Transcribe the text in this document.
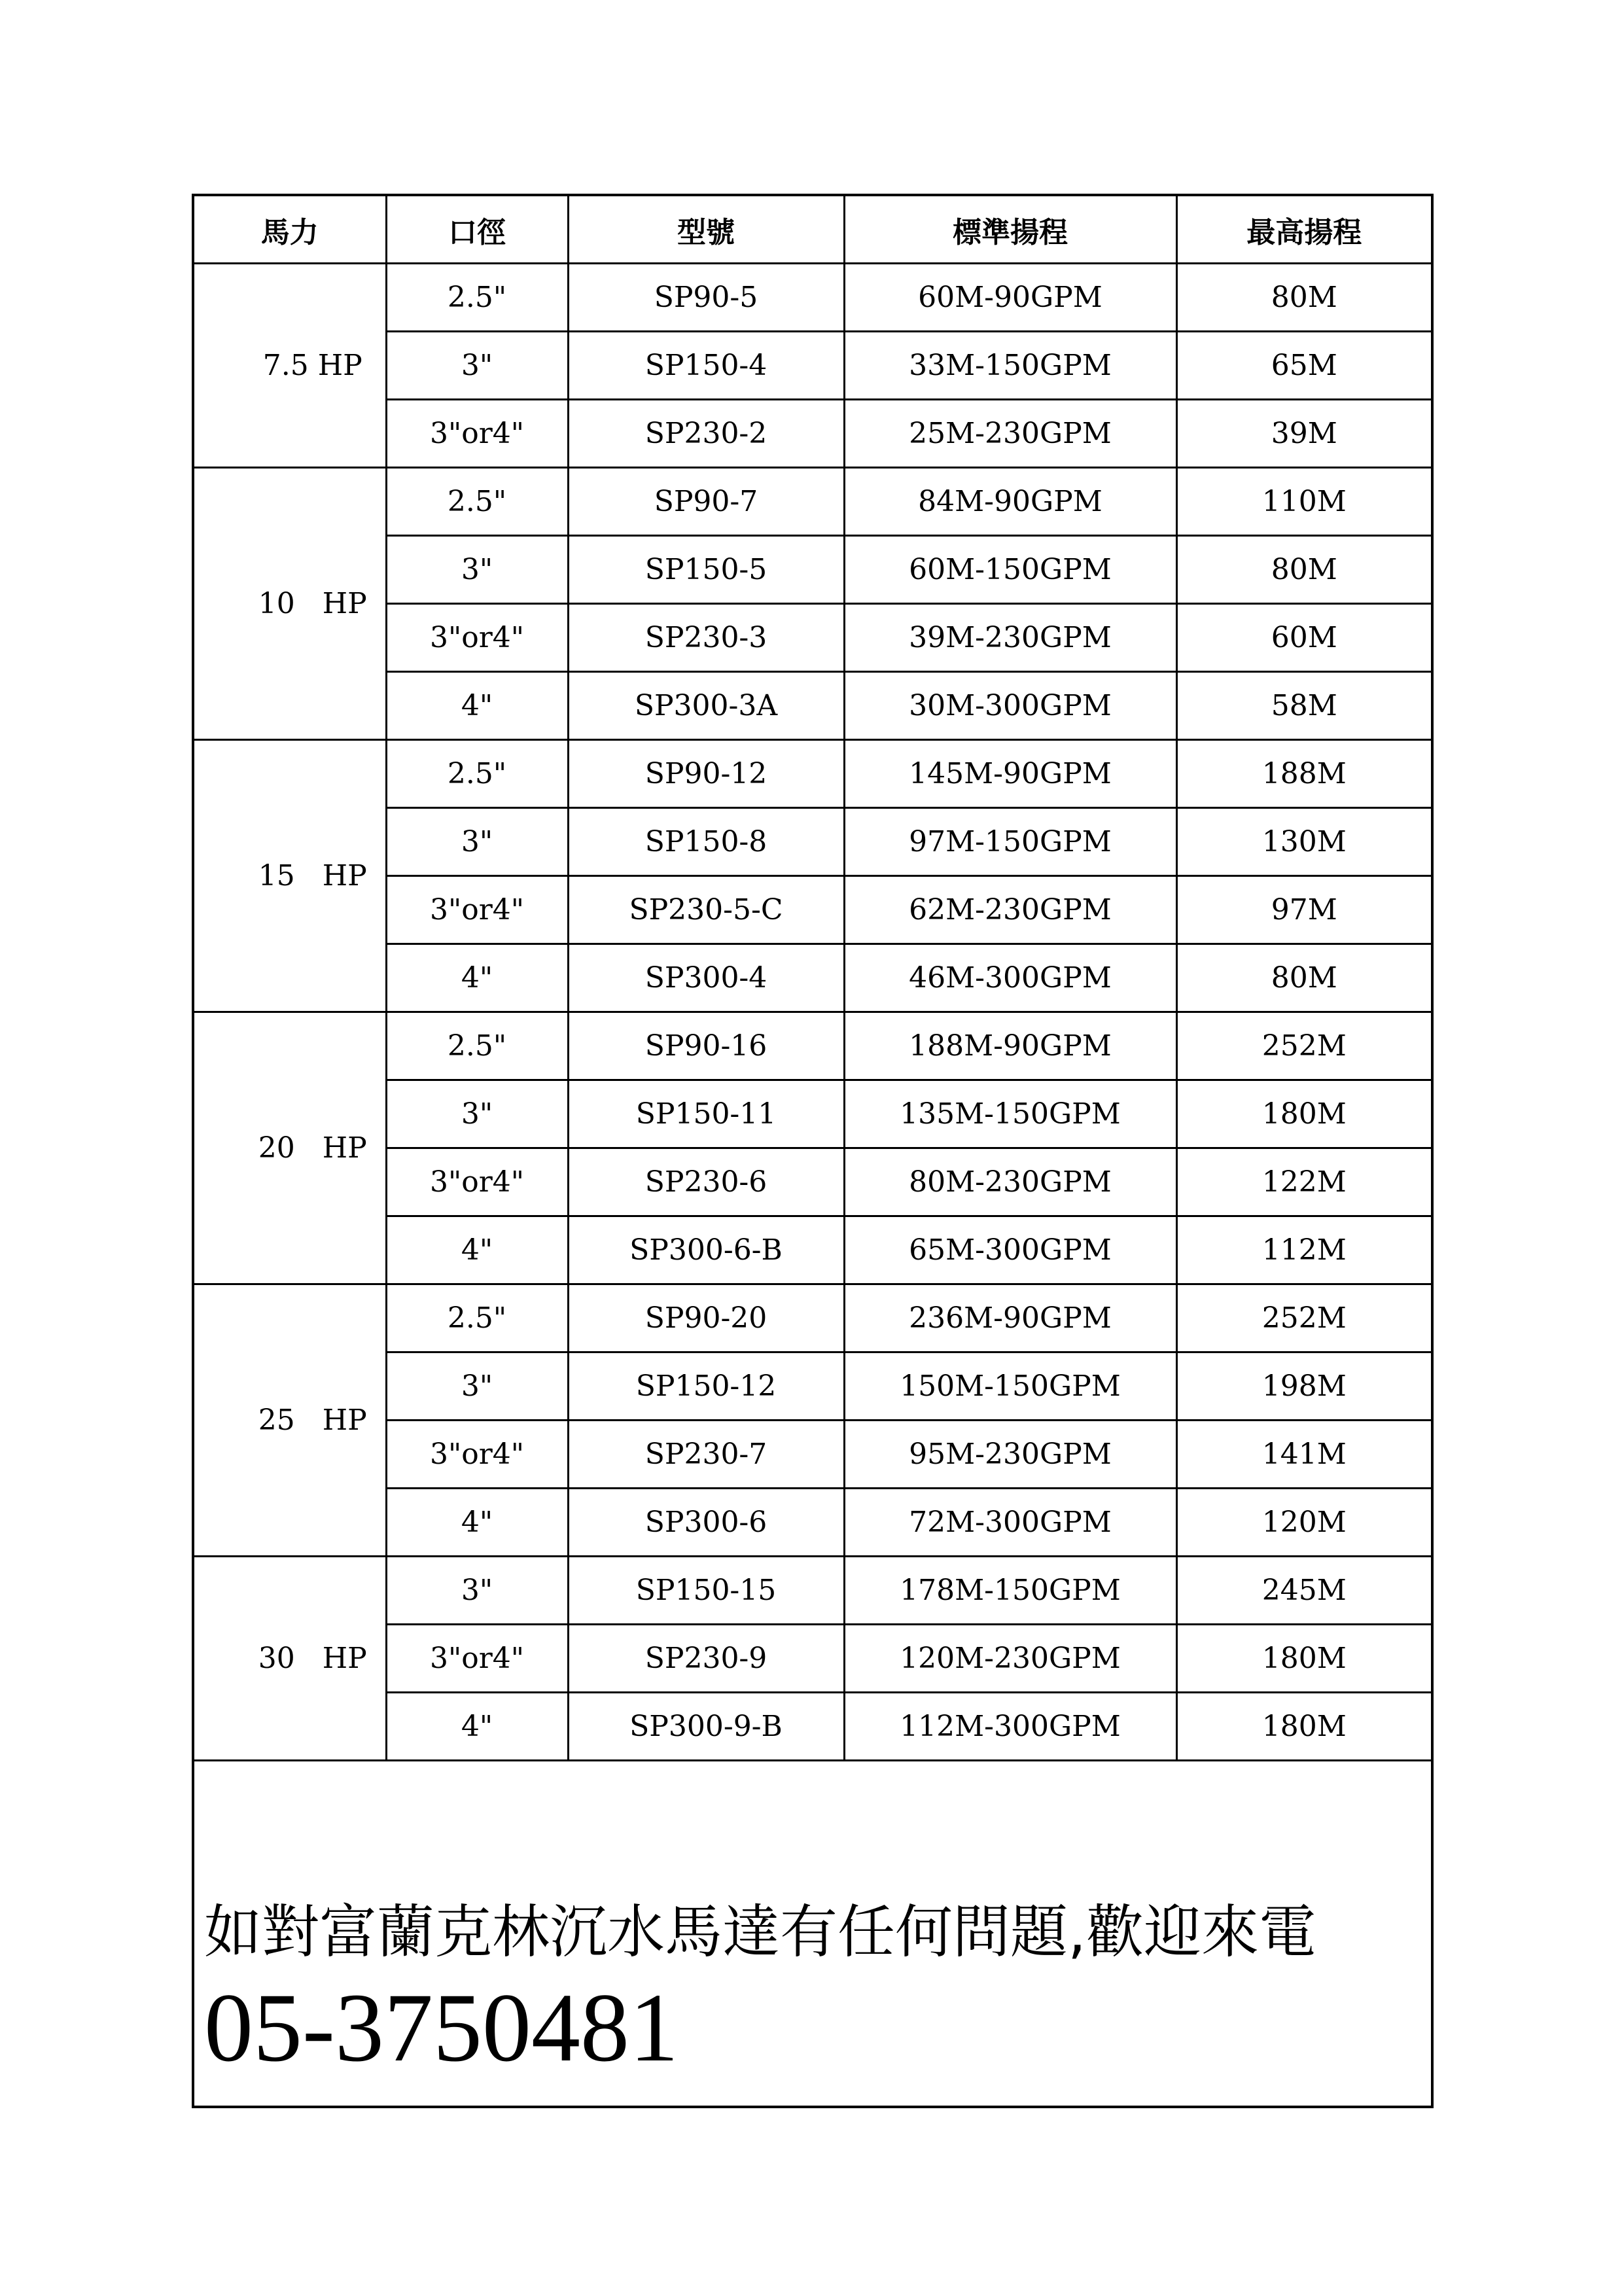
馬力	口徑	型號	標準揚程	最高揚程
7.5 HP	2.5"	SP90-5	60M-90GPM	80M
	3"	SP150-4	33M-150GPM	65M
	3"or4"	SP230-2	25M-230GPM	39M
10   HP	2.5"	SP90-7	84M-90GPM	110M
	3"	SP150-5	60M-150GPM	80M
	3"or4"	SP230-3	39M-230GPM	60M
	4"	SP300-3A	30M-300GPM	58M
15   HP	2.5"	SP90-12	145M-90GPM	188M
	3"	SP150-8	97M-150GPM	130M
	3"or4"	SP230-5-C	62M-230GPM	97M
	4"	SP300-4	46M-300GPM	80M
20   HP	2.5"	SP90-16	188M-90GPM	252M
	3"	SP150-11	135M-150GPM	180M
	3"or4"	SP230-6	80M-230GPM	122M
	4"	SP300-6-B	65M-300GPM	112M
25   HP	2.5"	SP90-20	236M-90GPM	252M
	3"	SP150-12	150M-150GPM	198M
	3"or4"	SP230-7	95M-230GPM	141M
	4"	SP300-6	72M-300GPM	120M
30   HP	3"	SP150-15	178M-150GPM	245M
	3"or4"	SP230-9	120M-230GPM	180M
	4"	SP300-9-B	112M-300GPM	180M
如對富蘭克林沉水馬達有任何問題,歡迎來電
05-3750481
